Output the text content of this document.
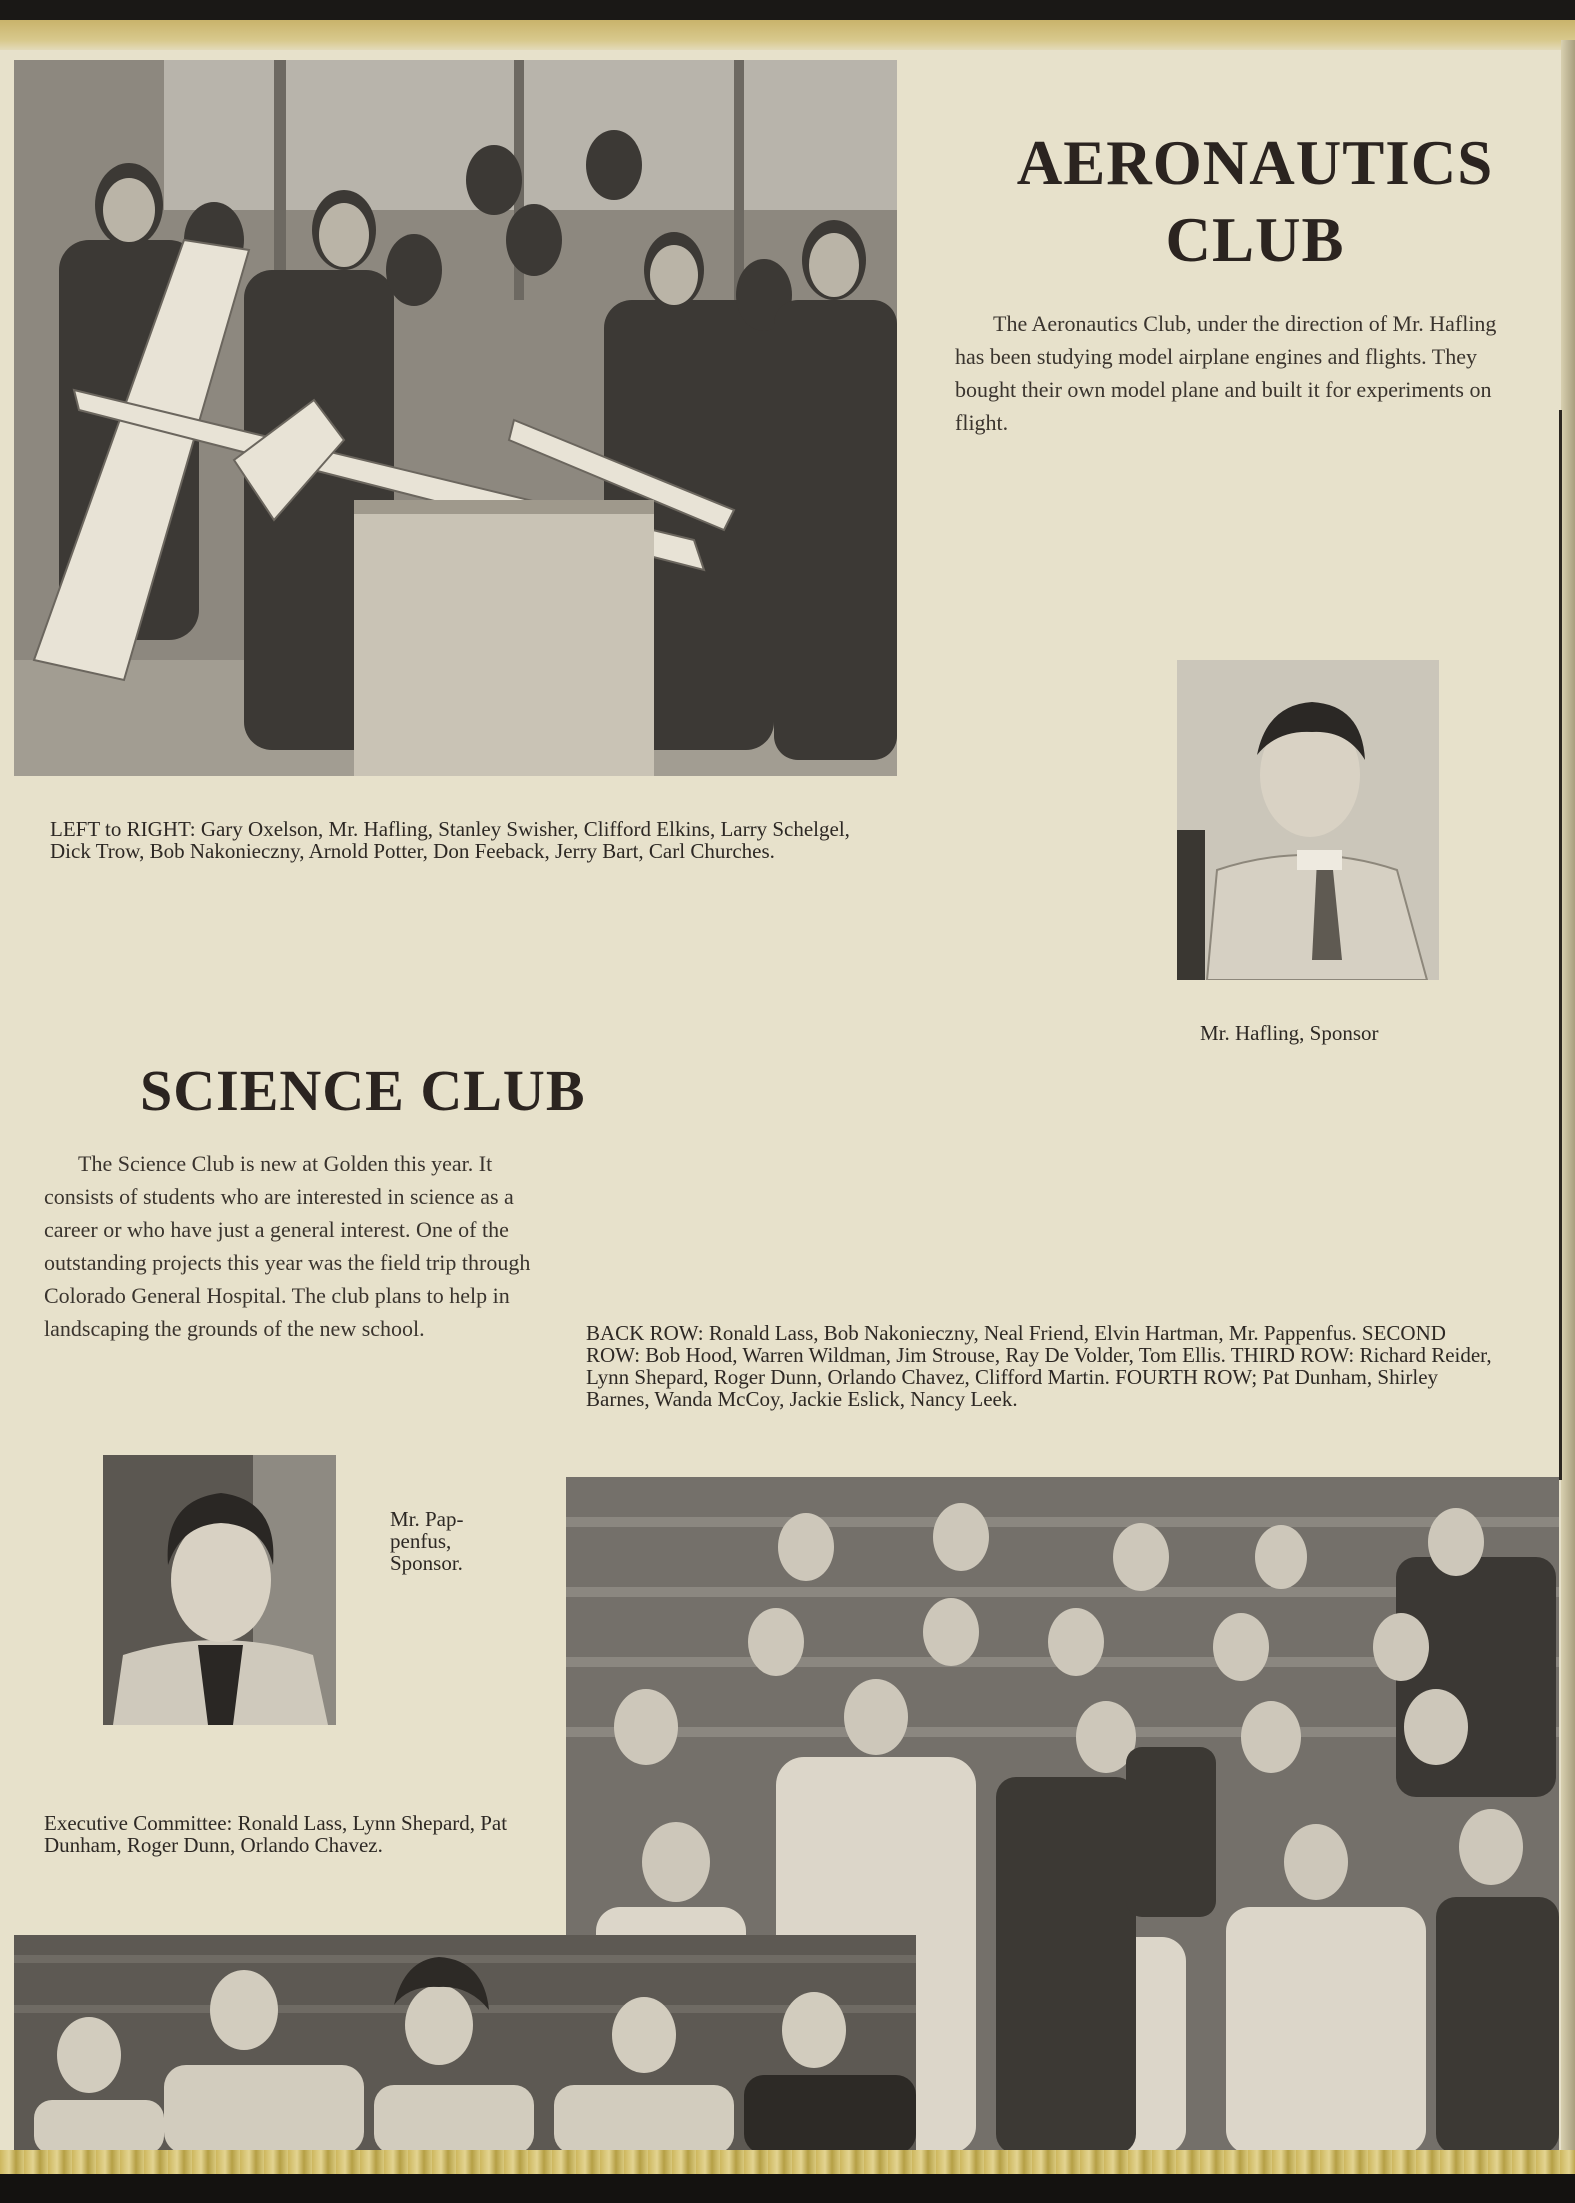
AERONAUTICS
CLUB

The Aeronautics Club, under the direction of Mr. Hafling has been studying model airplane engines and flights. They bought their own model plane and built it for experiments on flight.

Mr. Hafling, Sponsor

LEFT to RIGHT: Gary Oxelson, Mr. Hafling, Stanley Swisher, Clifford Elkins, Larry Schelgel, Dick Trow, Bob Nakonieczny, Arnold Potter, Don Feeback, Jerry Bart, Carl Churches.

SCIENCE CLUB

The Science Club is new at Golden this year. It consists of students who are interested in science as a career or who have just a general interest. One of the outstanding projects this year was the field trip through Colorado General Hospital. The club plans to help in landscaping the grounds of the new school.	BACK ROW: Ronald Lass, Bob Nakonieczny, Neal Friend, Elvin Hartman, Mr. Pappenfus. SECOND ROW: Bob Hood, Warren Wildman, Jim Strouse, Ray De Volder, Tom Ellis. THIRD ROW: Richard Reider, Lynn Shepard, Roger Dunn, Orlando Chavez, Clifford Martin. FOURTH ROW; Pat Dunham, Shirley Barnes, Wanda McCoy, Jackie Eslick, Nancy Leek.

Mr. Pap-

penfus,

Sponsor.

Executive Committee: Ronald Lass, Lynn Shepard, Pat Dunham, Roger Dunn, Orlando Chavez.
